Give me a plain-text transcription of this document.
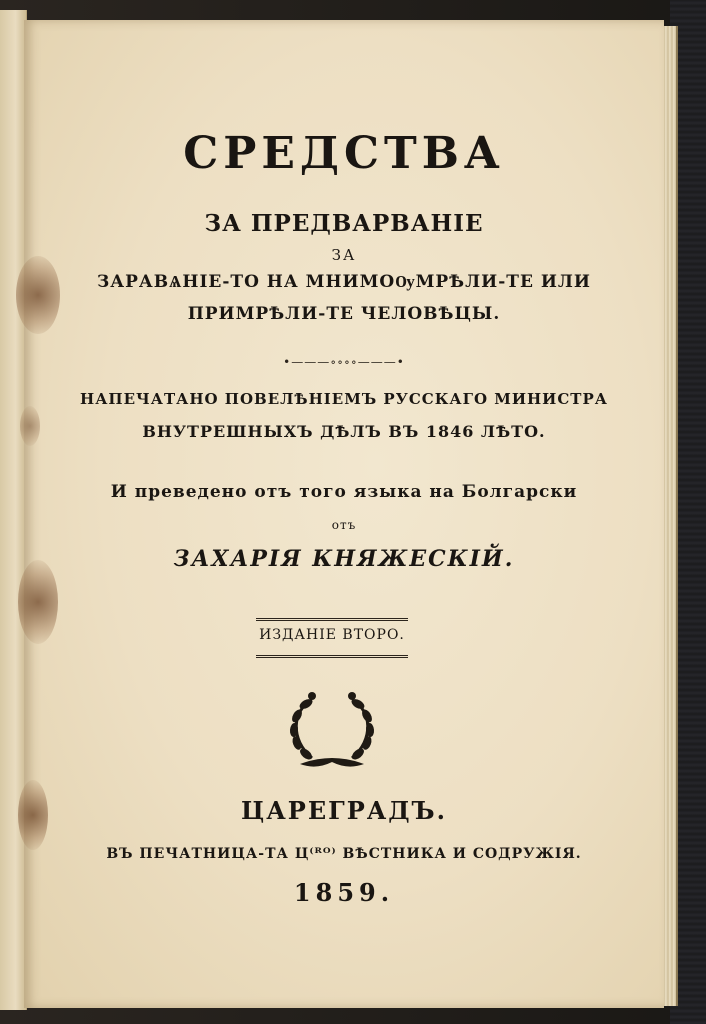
СРЕДСТВА
ЗА ПРЕДВАРВАНІЕ
ЗА
ЗАРАВѦНІЕ-ТО НА МНИМОѸМРѢЛИ-ТЕ ИЛИ
ПРИМРѢЛИ-ТЕ ЧЕЛОВѢЦЫ.
•———∘∘∘∘———•
НАПЕЧАТАНО ПОВЕЛѢНІЕМЪ РУССКАГО МИНИСТРА
ВНУТРЕШНЫХЪ ДѢЛЪ ВЪ 1846 ЛѢТО.
И преведено отъ того языка на Болгарски
отъ
ЗАХАРІЯ КНЯЖЕСКІЙ.
ИЗДАНІЕ ВТОРО.
ЦАРЕГРАДЪ.
ВЪ ПЕЧАТНИЦА-ТА Ц⁽ᴿᴼ⁾ ВѢСТНИКА И СОДРУЖІЯ.
1859.
